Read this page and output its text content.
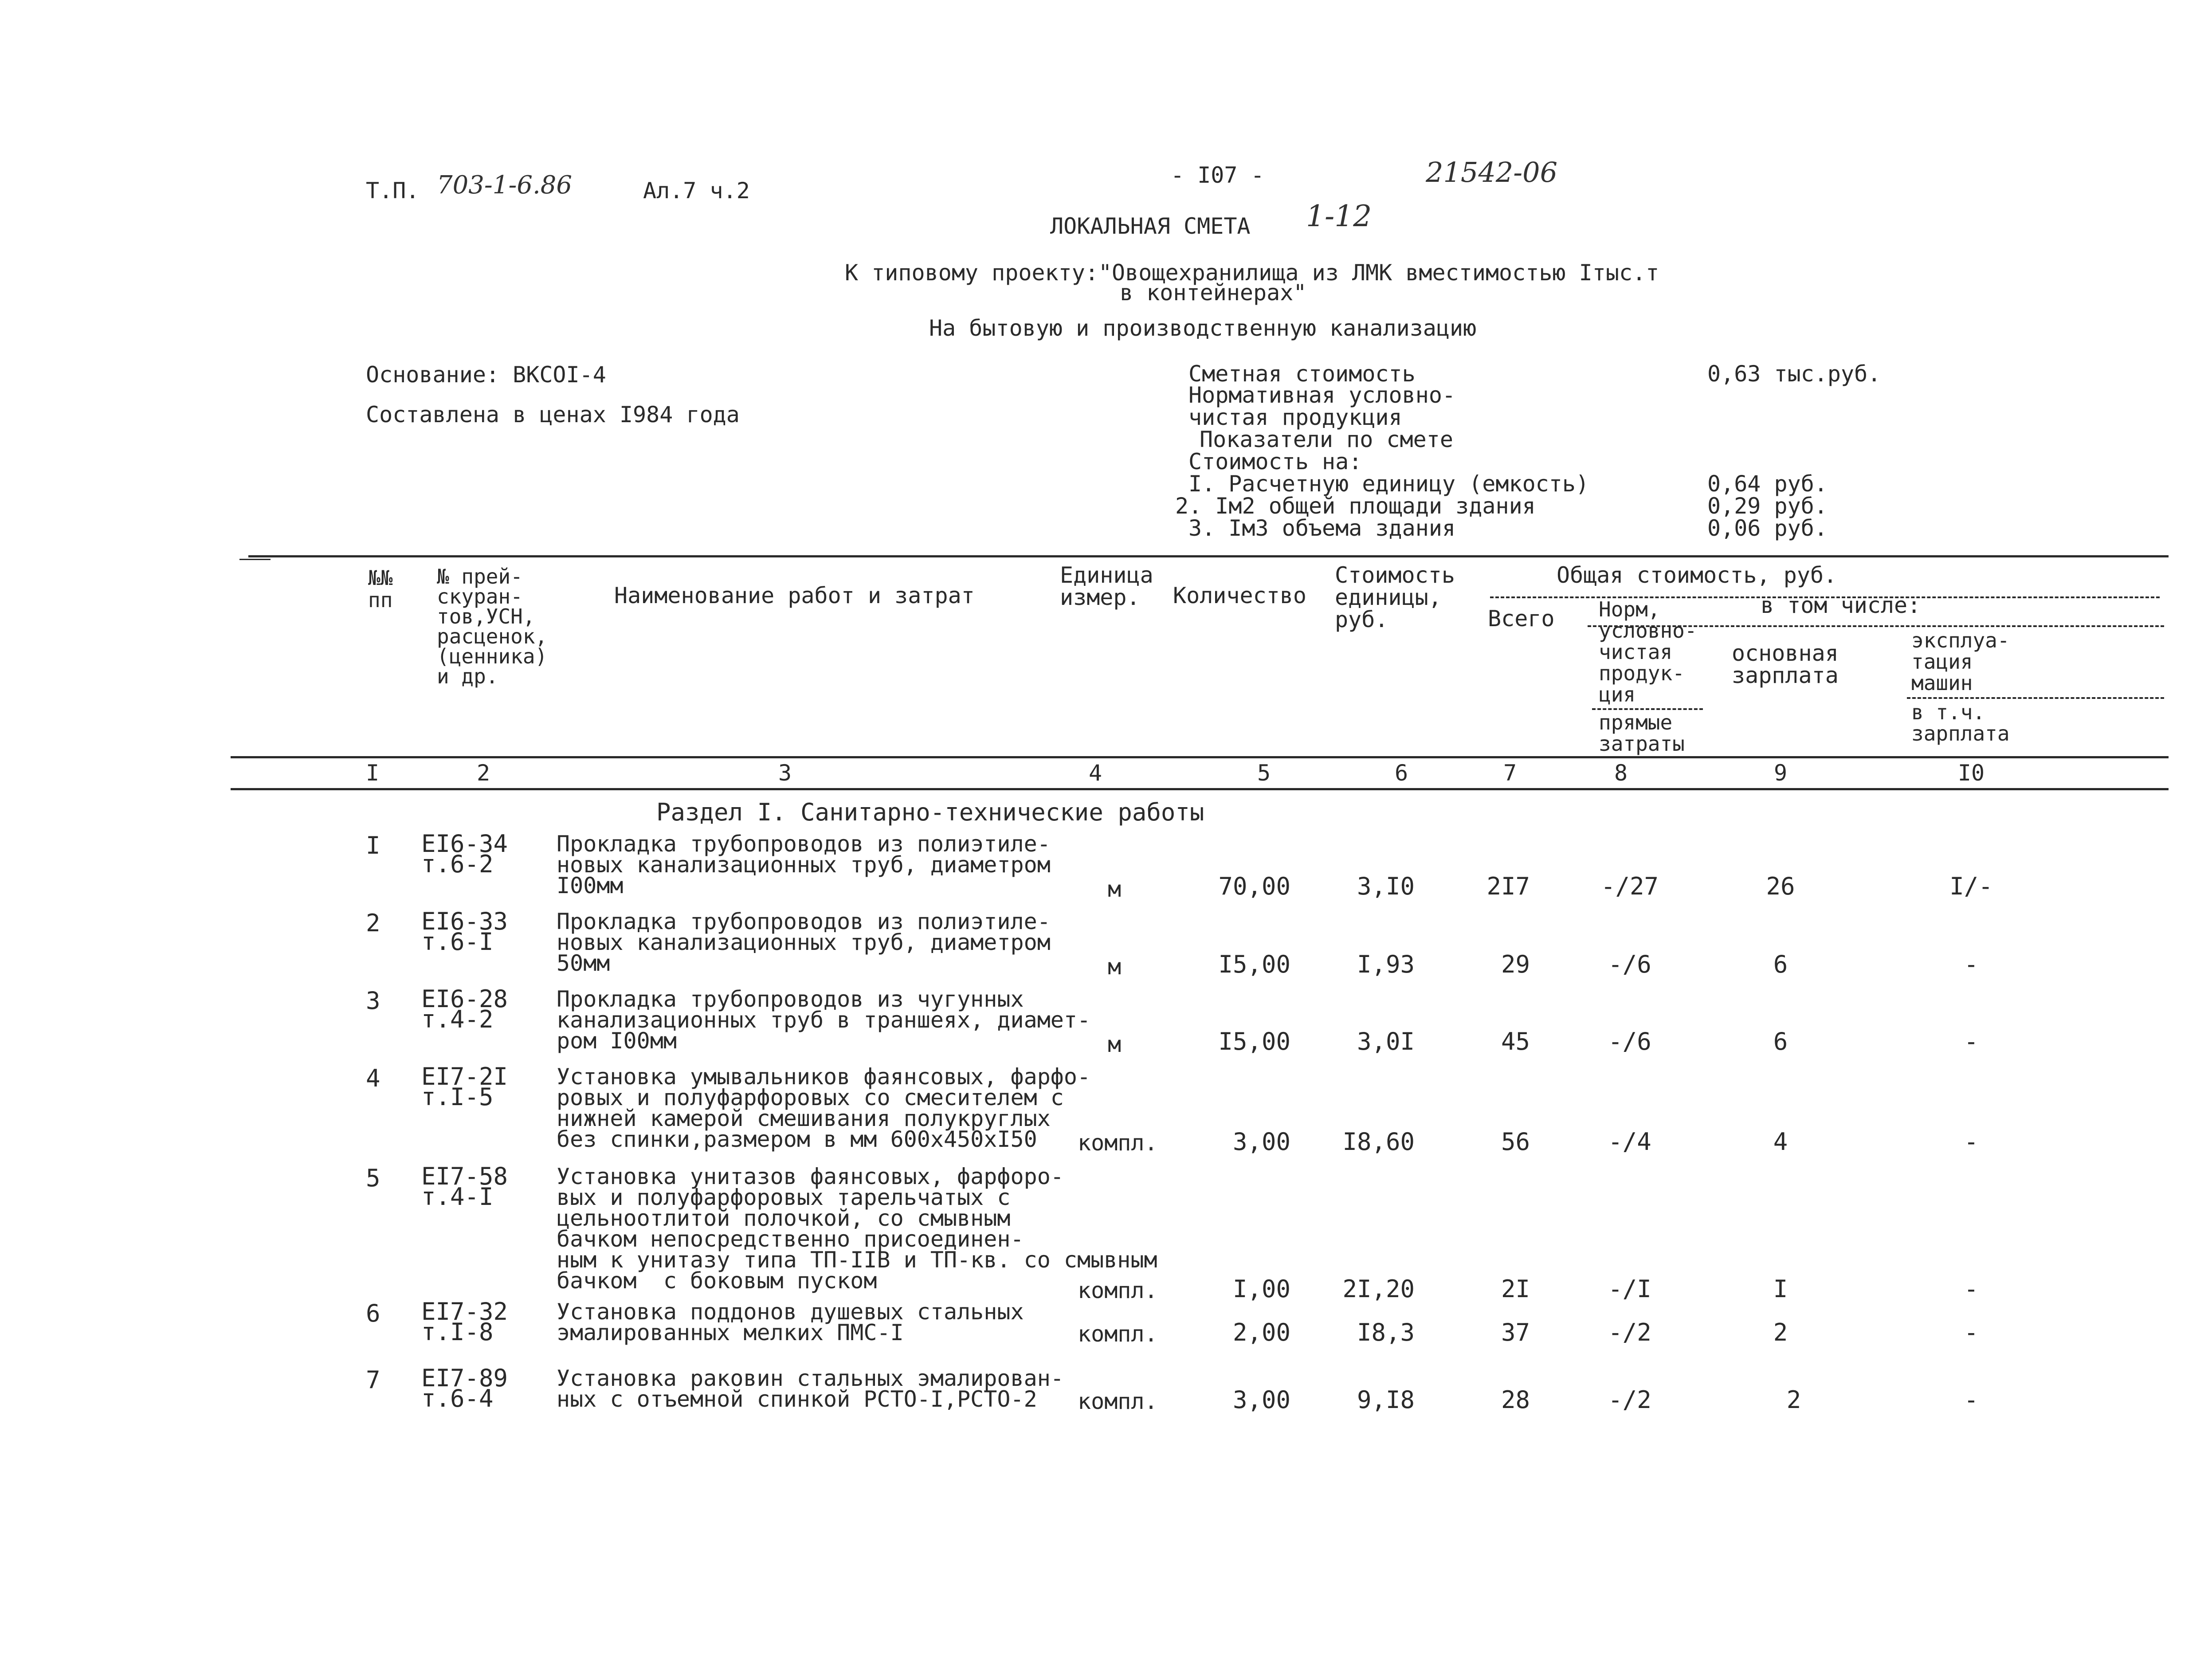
Т.П. 703-1-6.86	Ал.7 ч.2
- I07 -	21542-06
ЛОКАЛЬНАЯ СМЕТА 1-12
К типовому проекту:"Овощехранилища из ЛМК вместимостью Iтыс.т
в контейнерах"
На бытовую и производственную канализацию
Основание: ВКСОI-4
Составлена в ценах I984 года
Сметная стоимость	0,63 тыс.руб.
Нормативная условно-
чистая продукция
Показатели по смете
Стоимость на:
I. Расчетную единицу (емкость)	0,64 руб.
2. Iм2 общей площади здания	0,29 руб.
3. Iм3 объема здания	0,06 руб.
№№
пп
№ прей-
скуран-
тов,УСН,
расценок,
(ценника)
и др.
Наименование работ и затрат
Единица
измер.	Количество
Стоимость
единицы,
руб.
Общая стоимость, руб.
Всего
в том числе:
Норм,
условно-
чистая
продук-
ция
прямые
затраты
основная
зарплата
эксплуа-
тация
машин
в т.ч.
зарплата
I	2	3	4	5	6	7	8	9	I0
Раздел I. Санитарно-технические работы
I ЕI6-34
т.6-2
Прокладка трубопроводов из полиэтиле-
новых канализационных труб, диаметром
I00мм	м	70,00	3,I0	2I7	-/27	26	I/-
2 ЕI6-33
т.6-I
Прокладка трубопроводов из полиэтиле-
новых канализационных труб, диаметром
50мм	м	I5,00	I,93	29	-/6	6	-
3 ЕI6-28
т.4-2
Прокладка трубопроводов из чугунных
канализационных труб в траншеях, диамет-
ром I00мм	м	I5,00	3,0I	45	-/6	6	-
4 ЕI7-2I
т.I-5
Установка умывальников фаянсовых, фарфо-
ровых и полуфарфоровых со смесителем с
нижней камерой смешивания полукруглых
без спинки,размером в мм 600х450хI50	компл.	3,00	I8,60	56	-/4	4	-
5 ЕI7-58
т.4-I
Установка унитазов фаянсовых, фарфоро-
вых и полуфарфоровых тарельчатых с
цельноотлитой полочкой, со смывным
бачком непосредственно присоединен-
ным к унитазу типа ТП-IIВ и ТП-кв. со смывным
бачком  с боковым пуском	компл.	I,00	2I,20	2I	-/I	I	-
6 ЕI7-32
т.I-8
Установка поддонов душевых стальных
эмалированных мелких ПМС-I	компл.	2,00	I8,3	37	-/2	2	-
7 ЕI7-89
т.6-4
Установка раковин стальных эмалирован-
ных с отъемной спинкой РСТО-I,РСТО-2	компл.	3,00	9,I8	28	-/2	2	-
